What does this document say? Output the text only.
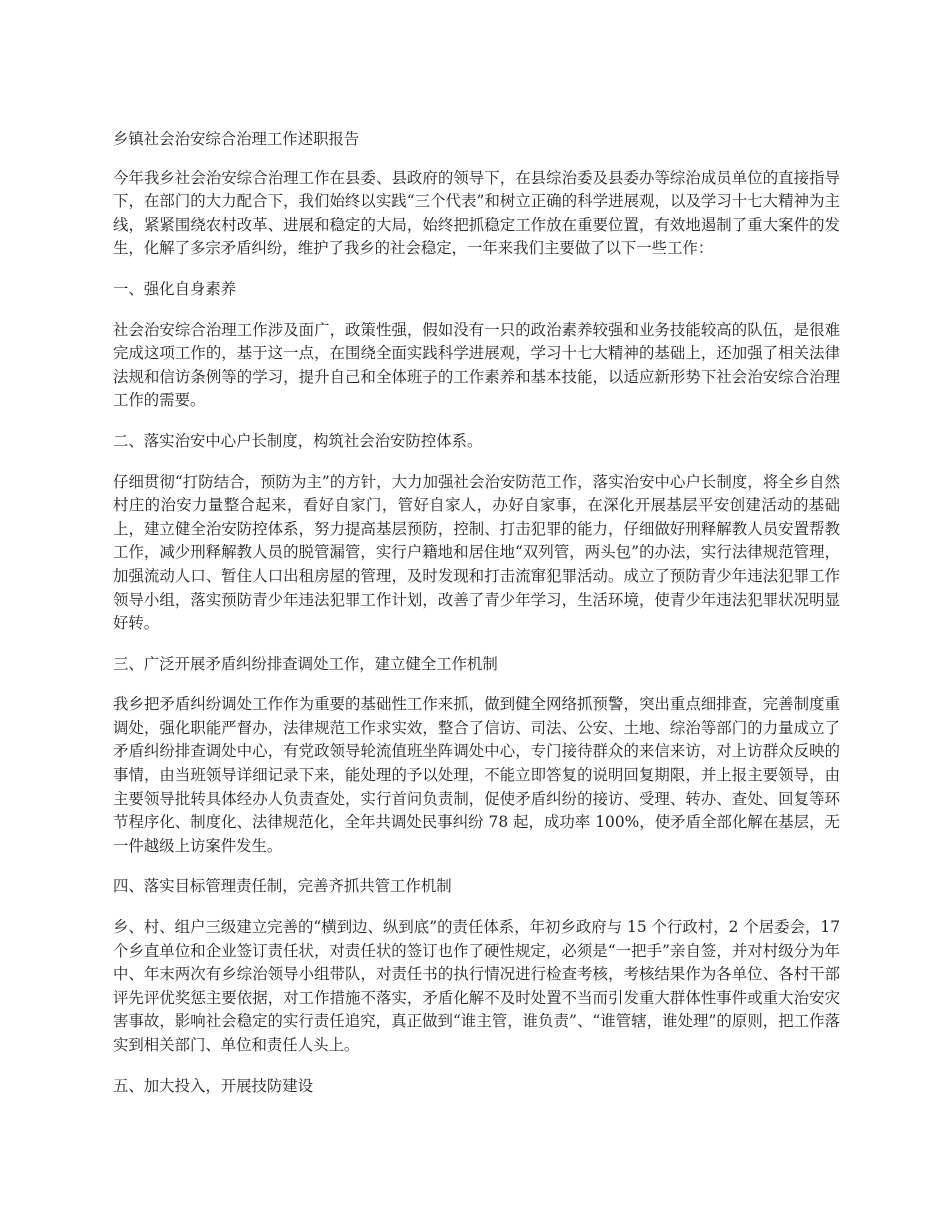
乡镇社会治安综合治理工作述职报告

今年我乡社会治安综合治理工作在县委、县政府的领导下，在县综治委及县委办等综治成员单位的直接指导下，在部门的大力配合下，我们始终以实践“三个代表”和树立正确的科学进展观，以及学习十七大精神为主线，紧紧围绕农村改革、进展和稳定的大局，始终把抓稳定工作放在重要位置，有效地遏制了重大案件的发生，化解了多宗矛盾纠纷，维护了我乡的社会稳定，一年来我们主要做了以下一些工作：

一、强化自身素养

社会治安综合治理工作涉及面广，政策性强，假如没有一只的政治素养较强和业务技能较高的队伍，是很难完成这项工作的，基于这一点，在围绕全面实践科学进展观，学习十七大精神的基础上，还加强了相关法律法规和信访条例等的学习，提升自己和全体班子的工作素养和基本技能，以适应新形势下社会治安综合治理工作的需要。

二、落实治安中心户长制度，构筑社会治安防控体系。

仔细贯彻“打防结合，预防为主”的方针，大力加强社会治安防范工作，落实治安中心户长制度，将全乡自然村庄的治安力量整合起来，看好自家门，管好自家人，办好自家事，在深化开展基层平安创建活动的基础上，建立健全治安防控体系，努力提高基层预防，控制、打击犯罪的能力，仔细做好刑释解教人员安置帮教工作，减少刑释解教人员的脱管漏管，实行户籍地和居住地“双列管，两头包”的办法，实行法律规范管理，加强流动人口、暂住人口出租房屋的管理，及时发现和打击流窜犯罪活动。成立了预防青少年违法犯罪工作领导小组，落实预防青少年违法犯罪工作计划，改善了青少年学习，生活环境，使青少年违法犯罪状况明显好转。

三、广泛开展矛盾纠纷排查调处工作，建立健全工作机制

我乡把矛盾纠纷调处工作作为重要的基础性工作来抓，做到健全网络抓预警，突出重点细排查，完善制度重调处，强化职能严督办，法律规范工作求实效，整合了信访、司法、公安、土地、综治等部门的力量成立了矛盾纠纷排查调处中心，有党政领导轮流值班坐阵调处中心，专门接待群众的来信来访，对上访群众反映的事情，由当班领导详细记录下来，能处理的予以处理，不能立即答复的说明回复期限，并上报主要领导，由主要领导批转具体经办人负责查处，实行首问负责制，促使矛盾纠纷的接访、受理、转办、查处、回复等环节程序化、制度化、法律规范化，全年共调处民事纠纷 78 起，成功率 100%，使矛盾全部化解在基层，无一件越级上访案件发生。

四、落实目标管理责任制，完善齐抓共管工作机制

乡、村、组户三级建立完善的“横到边、纵到底”的责任体系，年初乡政府与 15 个行政村，2 个居委会，17 个乡直单位和企业签订责任状，对责任状的签订也作了硬性规定，必须是“一把手”亲自签，并对村级分为年中、年末两次有乡综治领导小组带队，对责任书的执行情况进行检查考核，考核结果作为各单位、各村干部评先评优奖惩主要依据，对工作措施不落实，矛盾化解不及时处置不当而引发重大群体性事件或重大治安灾害事故，影响社会稳定的实行责任追究，真正做到“谁主管，谁负责”、“谁管辖，谁处理”的原则，把工作落实到相关部门、单位和责任人头上。

五、加大投入，开展技防建设
